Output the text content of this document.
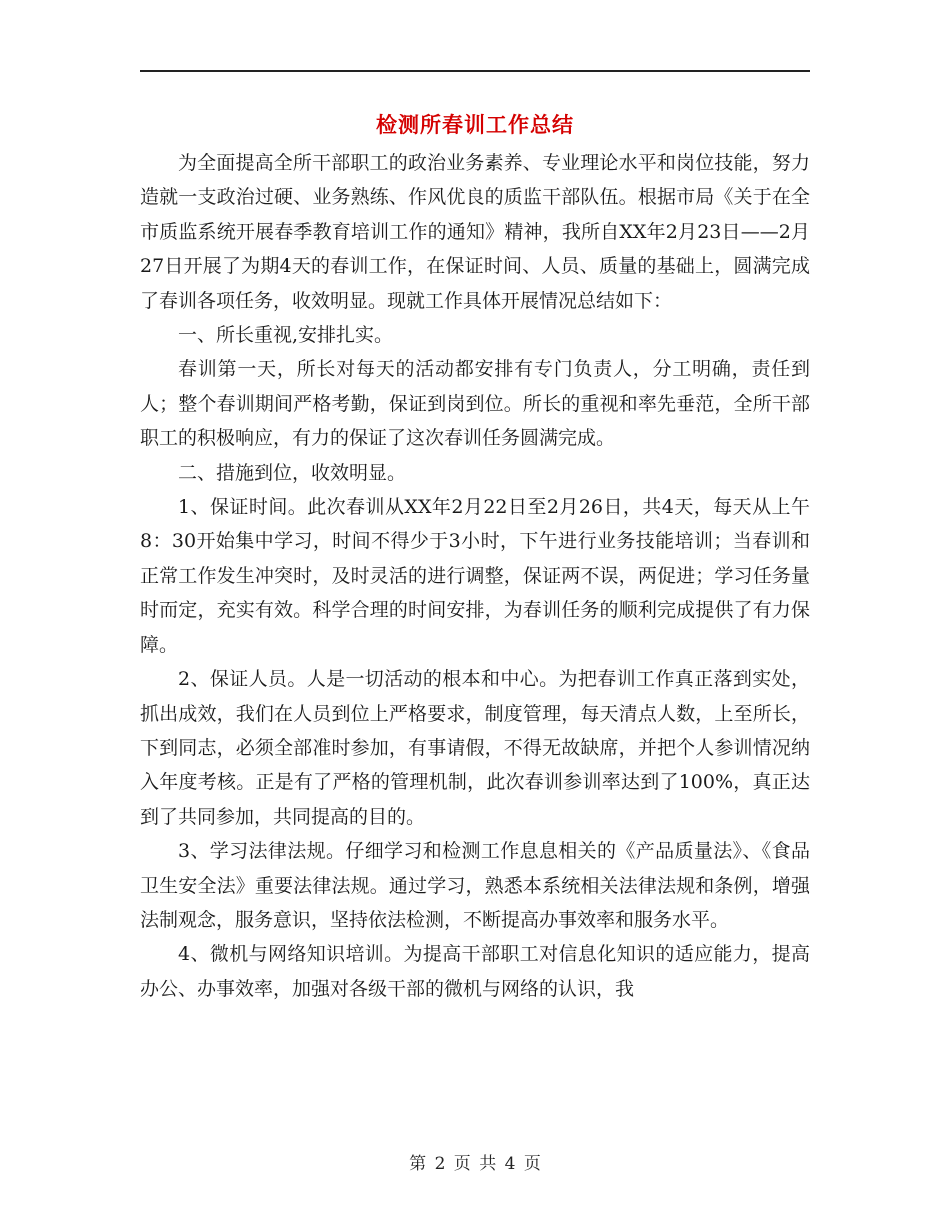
检测所春训工作总结

为全面提高全所干部职工的政治业务素养、专业理论水平和岗位技能，努力造就一支政治过硬、业务熟练、作风优良的质监干部队伍。根据市局《关于在全市质监系统开展春季教育培训工作的通知》精神，我所自XX年2月23日——2月27日开展了为期4天的春训工作，在保证时间、人员、质量的基础上，圆满完成了春训各项任务，收效明显。现就工作具体开展情况总结如下：

一、所长重视,安排扎实。

春训第一天，所长对每天的活动都安排有专门负责人，分工明确，责任到人；整个春训期间严格考勤，保证到岗到位。所长的重视和率先垂范，全所干部职工的积极响应，有力的保证了这次春训任务圆满完成。

二、措施到位，收效明显。

1、保证时间。此次春训从XX年2月22日至2月26日，共4天，每天从上午8：30开始集中学习，时间不得少于3小时，下午进行业务技能培训；当春训和正常工作发生冲突时，及时灵活的进行调整，保证两不误，两促进；学习任务量时而定，充实有效。科学合理的时间安排，为春训任务的顺利完成提供了有力保障。

2、保证人员。人是一切活动的根本和中心。为把春训工作真正落到实处，抓出成效，我们在人员到位上严格要求，制度管理，每天清点人数，上至所长，下到同志，必须全部准时参加，有事请假，不得无故缺席，并把个人参训情况纳入年度考核。正是有了严格的管理机制，此次春训参训率达到了100%，真正达到了共同参加，共同提高的目的。

3、学习法律法规。仔细学习和检测工作息息相关的《产品质量法》、《食品卫生安全法》重要法律法规。通过学习，熟悉本系统相关法律法规和条例，增强法制观念，服务意识，坚持依法检测，不断提高办事效率和服务水平。

4、微机与网络知识培训。为提高干部职工对信息化知识的适应能力，提高办公、办事效率，加强对各级干部的微机与网络的认识，我

第 2 页 共 4 页
